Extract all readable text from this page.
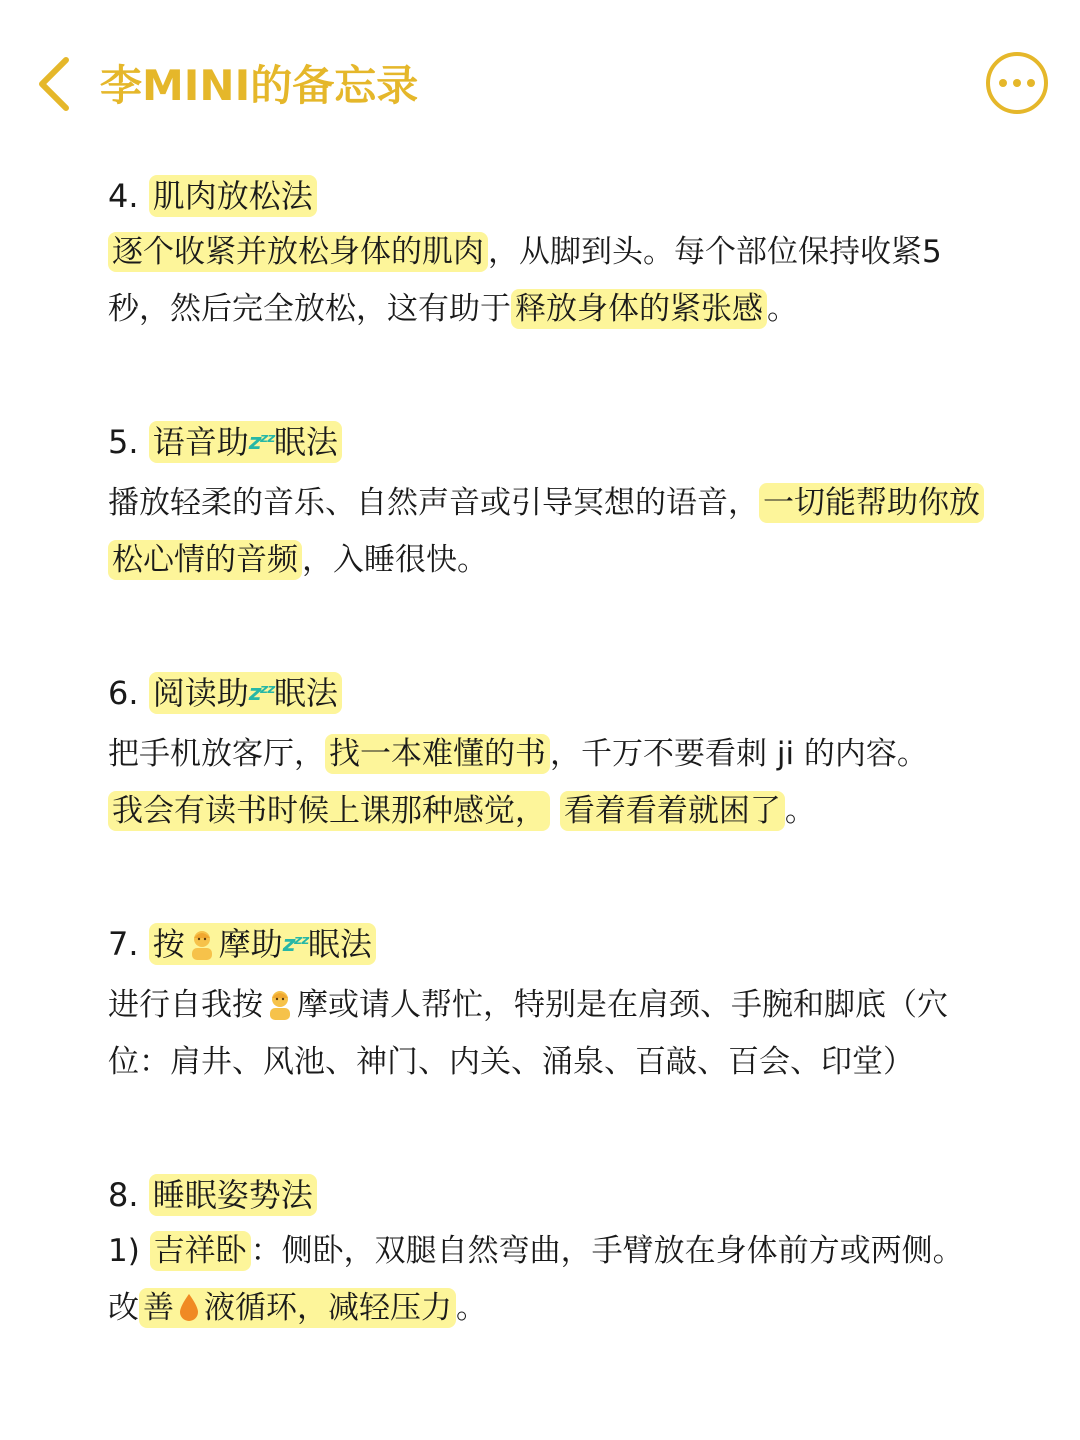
李MINI的备忘录
4. 肌肉放松法
逐个收紧并放松身体的肌肉 ，从脚到头。每个部位保持收紧5秒，然后完全放松，这有助于 释放身体的紧张感 。
5. 语音助zᶻᶻ眠法
播放轻柔的音乐、自然声音或引导冥想的语音， 一切能帮助你放松心情的音频 ，入睡很快。
6. 阅读助zᶻᶻ眠法
把手机放客厅， 找一本难懂的书 ，千万不要看刺 ji 的内容。
我会有读书时候上课那种感觉， 看着看着就困了 。
7. 按 摩助zᶻᶻ眠法
进行自我按 摩或请人帮忙，特别是在肩颈、手腕和脚底（穴位：肩井、风池、神门、内关、涌泉、百敲、百会、印堂）
8. 睡眠姿势法
1) 吉祥卧 ：侧卧，双腿自然弯曲，手臂放在身体前方或两侧。
改 善 液循环，减轻压力 。
